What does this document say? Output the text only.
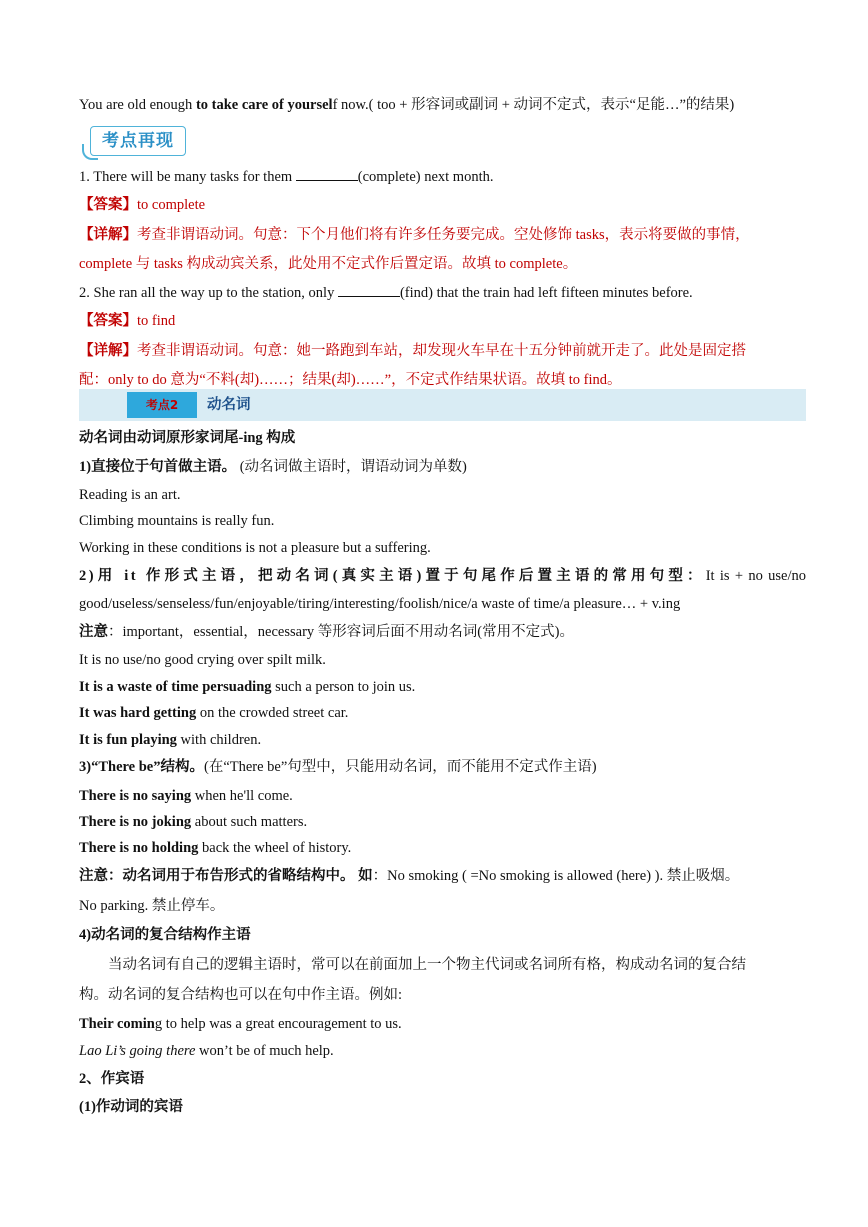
You are old enough to take care of yourself now.( too + 形容词或副词 + 动词不定式，表示“足能…”的结果)
考点再现
1. There will be many tasks for them	(complete) next month.
【答案】to complete
【详解】考查非谓语动词。句意：下个月他们将有许多任务要完成。空处修饰 tasks，表示将要做的事情，
complete 与 tasks 构成动宾关系，此处用不定式作后置定语。故填 to complete。
2. She ran all the way up to the station, only	(find) that the train had left fifteen minutes before.
【答案】to find
【详解】考查非谓语动词。句意：她一路跑到车站，却发现火车早在十五分钟前就开走了。此处是固定搭
配：only to do 意为“不料(却)……；结果(却)……”，不定式作结果状语。故填 to find。
考点2	动名词
动名词由动词原形家词尾-ing 构成
1)直接位于句首做主语。 (动名词做主语时，谓语动词为单数)
Reading is an art.
Climbing mountains is really fun.
Working in these conditions is not a pleasure but a suffering.
2)用 it 作形式主语，把动名词(真实主语)置于句尾作后置主语的常用句型：It is + no use/no
good/useless/senseless/fun/enjoyable/tiring/interesting/foolish/nice/a waste of time/a pleasure… + v.ing
注意：important，essential，necessary 等形容词后面不用动名词(常用不定式)。
It is no use/no good crying over spilt milk.
It is a waste of time persuading such a person to join us.
It was hard getting on the crowded street car.
It is fun playing with children.
3)“There be”结构。(在“There be”句型中，只能用动名词，而不能用不定式作主语)
There is no saying when he'll come.
There is no joking about such matters.
There is no holding back the wheel of history.
注意：动名词用于布告形式的省略结构中。 如：No smoking ( =No smoking is allowed (here) ). 禁止吸烟。
No parking. 禁止停车。
4)动名词的复合结构作主语
当动名词有自己的逻辑主语时，常可以在前面加上一个物主代词或名词所有格，构成动名词的复合结
构。动名词的复合结构也可以在句中作主语。例如:
Their coming to help was a great encouragement to us.
Lao Li’s going there won’t be of much help.
2、作宾语
(1)作动词的宾语
